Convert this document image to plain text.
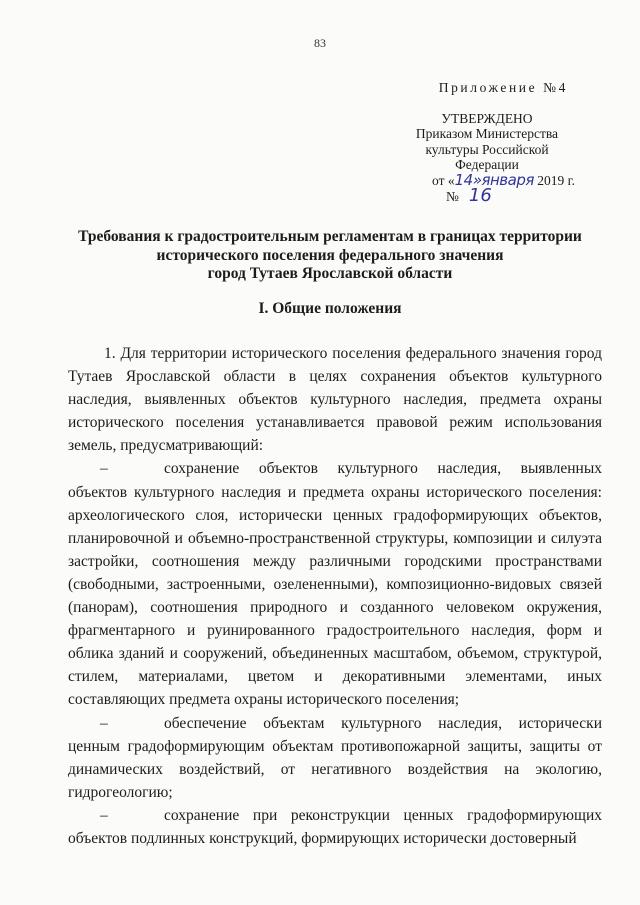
83
Приложение №4
УТВЕРЖДЕНО
Приказом Министерства
культуры Российской
Федерации
от «14»января 2019 г.
№ 16
Требования к градостроительным регламентам в границах территории
исторического поселения федерального значения
город Тутаев Ярославской области
I. Общие положения

1. Для территории исторического поселения федерального значения город Тутаев Ярославской области в целях сохранения объектов культурного наследия, выявленных объектов культурного наследия, предмета охраны исторического поселения устанавливается правовой режим использования земель, предусматривающий:

–	сохранение объектов культурного наследия, выявленных объектов культурного наследия и предмета охраны исторического поселения: археологического слоя, исторически ценных градоформирующих объектов, планировочной и объемно-пространственной структуры, композиции и силуэта застройки, соотношения между различными городскими пространствами (свободными, застроенными, озелененными), композиционно-видовых связей (панорам), соотношения природного и созданного человеком окружения, фрагментарного и руинированного градостроительного наследия, форм и облика зданий и сооружений, объединенных масштабом, объемом, структурой, стилем, материалами, цветом и декоративными элементами, иных составляющих предмета охраны исторического поселения;

–	обеспечение объектам культурного наследия, исторически ценным градоформирующим объектам противопожарной защиты, защиты от динамических воздействий, от негативного воздействия на экологию, гидрогеологию;

–	сохранение при реконструкции ценных градоформирующих объектов подлинных конструкций, формирующих исторически достоверный
